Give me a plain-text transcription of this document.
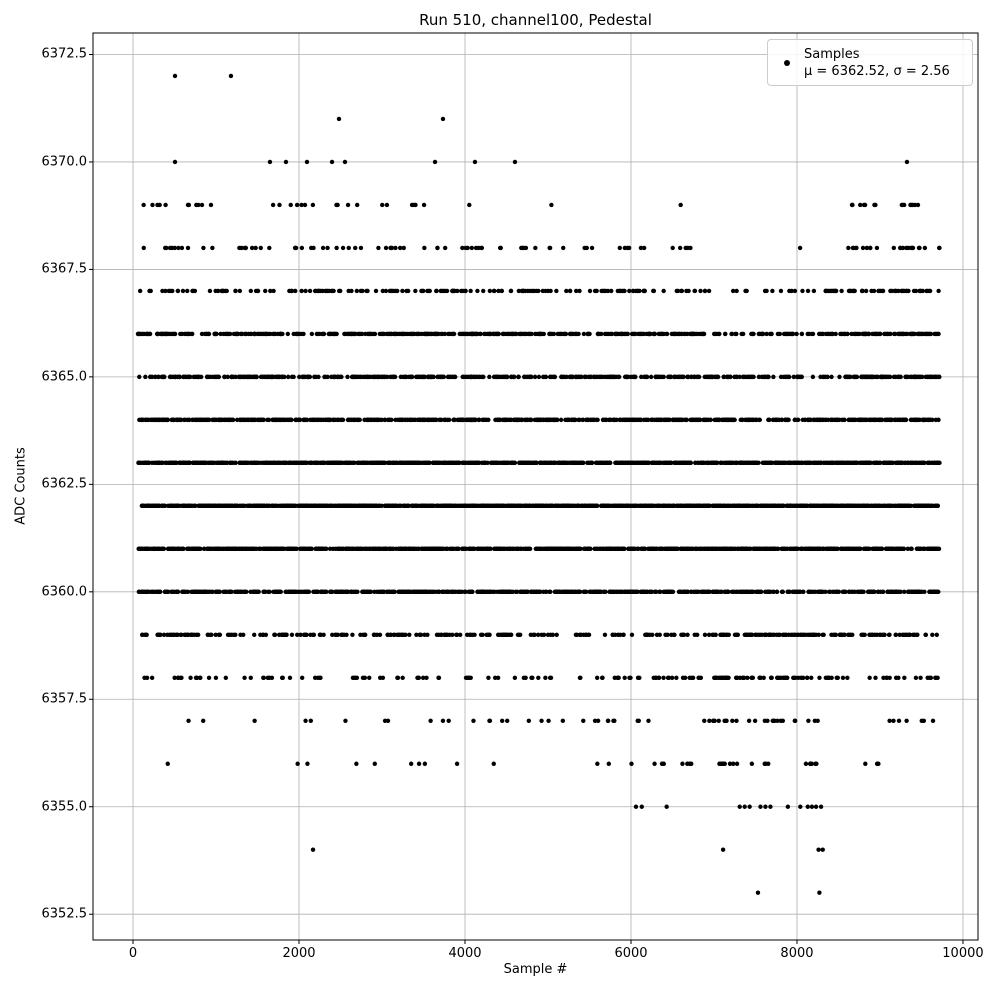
Run 510, channel100, Pedestal
0	2000	4000	6000	8000	10000
6352.5
6355.0
6357.5
6360.0
6362.5
6365.0
6367.5
6370.0
6372.5
Sample #
ADC Counts
Samples
μ = 6362.52, σ = 2.56
